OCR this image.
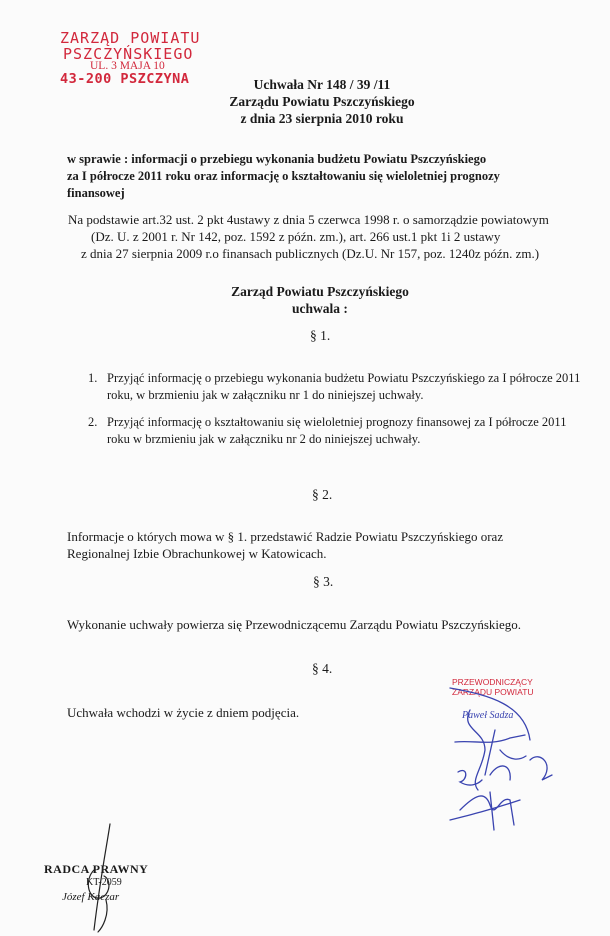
ZARZĄD POWIATU
PSZCZYŃSKIEGO
UL. 3 MAJA 10
43-200 PSZCZYNA	Uchwała Nr 148 / 39 /11

Zarządu Powiatu Pszczyńskiego

z dnia 23 sierpnia 2010 roku

w sprawie : informacji o przebiegu wykonania budżetu Powiatu Pszczyńskiego

za I półrocze 2011 roku oraz informację o kształtowaniu się wieloletniej prognozy

finansowej

Na podstawie art.32 ust. 2 pkt 4ustawy z dnia 5 czerwca 1998 r. o samorządzie powiatowym

(Dz. U. z 2001 r. Nr 142, poz. 1592 z późn. zm.), art. 266 ust.1 pkt 1i 2 ustawy

z dnia 27 sierpnia 2009 r.o finansach publicznych (Dz.U. Nr 157, poz. 1240z późn. zm.)

Zarząd Powiatu Pszczyńskiego

uchwala :

§ 1.
1. Przyjąć informację o przebiegu wykonania budżetu Powiatu Pszczyńskiego za I półrocze 2011

roku, w brzmieniu jak w załączniku nr 1 do niniejszej uchwały.

2. Przyjąć informację o kształtowaniu się wieloletniej prognozy finansowej za I półrocze 2011

roku w brzmieniu jak w załączniku nr 2 do niniejszej uchwały.

§ 2.

Informacje o których mowa w § 1. przedstawić Radzie Powiatu Pszczyńskiego oraz

Regionalnej Izbie Obrachunkowej w Katowicach.

§ 3.
Wykonanie uchwały powierza się Przewodniczącemu Zarządu Powiatu Pszczyńskiego.
§ 4.
Uchwała wchodzi w życie z dniem podjęcia.
PRZEWODNICZĄCY
ZARZĄDU POWIATU
Paweł Sadza
RADCA PRAWNY
KT-2059
Józef Kaczar
